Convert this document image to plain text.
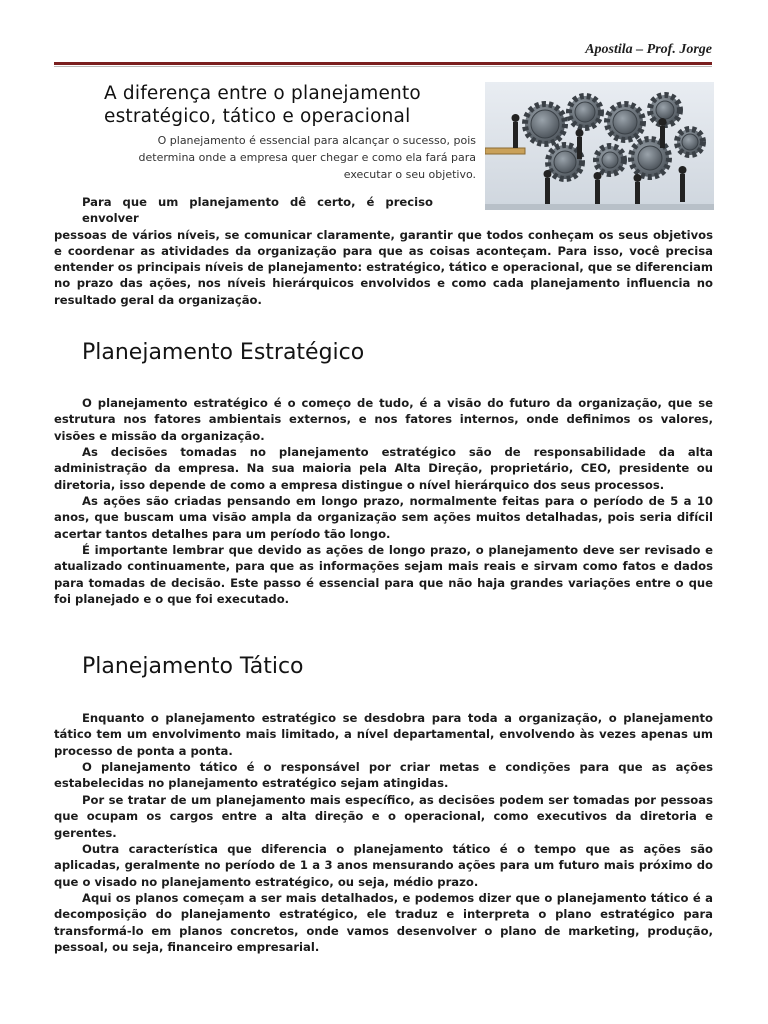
Apostila – Prof. Jorge
A diferença entre o planejamento
estratégico, tático e operacional
O planejamento é essencial para alcançar o sucesso, pois
determina onde a empresa quer chegar e como ela fará para
executar o seu objetivo.

Para que um planejamento dê certo, é preciso envolver
pessoas de vários níveis, se comunicar claramente, garantir que todos conheçam os seus objetivos e coordenar as atividades da organização para que as coisas aconteçam. Para isso, você precisa entender os principais níveis de planejamento: estratégico, tático e operacional, que se diferenciam no prazo das ações, nos níveis hierárquicos envolvidos e como cada planejamento influencia no resultado geral da organização.

Planejamento Estratégico

O planejamento estratégico é o começo de tudo, é a visão do futuro da organização, que se estrutura nos fatores ambientais externos, e nos fatores internos, onde definimos os valores, visões e missão da organização.

As decisões tomadas no planejamento estratégico são de responsabilidade da alta administração da empresa. Na sua maioria pela Alta Direção, proprietário, CEO, presidente ou diretoria, isso depende de como a empresa distingue o nível hierárquico dos seus processos.

As ações são criadas pensando em longo prazo, normalmente feitas para o período de 5 a 10 anos, que buscam uma visão ampla da organização sem ações muitos detalhadas, pois seria difícil acertar tantos detalhes para um período tão longo.

É importante lembrar que devido as ações de longo prazo, o planejamento deve ser revisado e atualizado continuamente, para que as informações sejam mais reais e sirvam como fatos e dados para tomadas de decisão. Este passo é essencial para que não haja grandes variações entre o que foi planejado e o que foi executado.

Planejamento Tático

Enquanto o planejamento estratégico se desdobra para toda a organização, o planejamento tático tem um envolvimento mais limitado, a nível departamental, envolvendo às vezes apenas um processo de ponta a ponta.

O planejamento tático é o responsável por criar metas e condições para que as ações estabelecidas no planejamento estratégico sejam atingidas.

Por se tratar de um planejamento mais específico, as decisões podem ser tomadas por pessoas que ocupam os cargos entre a alta direção e o operacional, como executivos da diretoria e gerentes.

Outra característica que diferencia o planejamento tático é o tempo que as ações são aplicadas, geralmente no período de 1 a 3 anos mensurando ações para um futuro mais próximo do que o visado no planejamento estratégico, ou seja, médio prazo.

Aqui os planos começam a ser mais detalhados, e podemos dizer que o planejamento tático é a decomposição do planejamento estratégico, ele traduz e interpreta o plano estratégico para transformá-lo em planos concretos, onde vamos desenvolver o plano de marketing, produção, pessoal, ou seja, financeiro empresarial.
